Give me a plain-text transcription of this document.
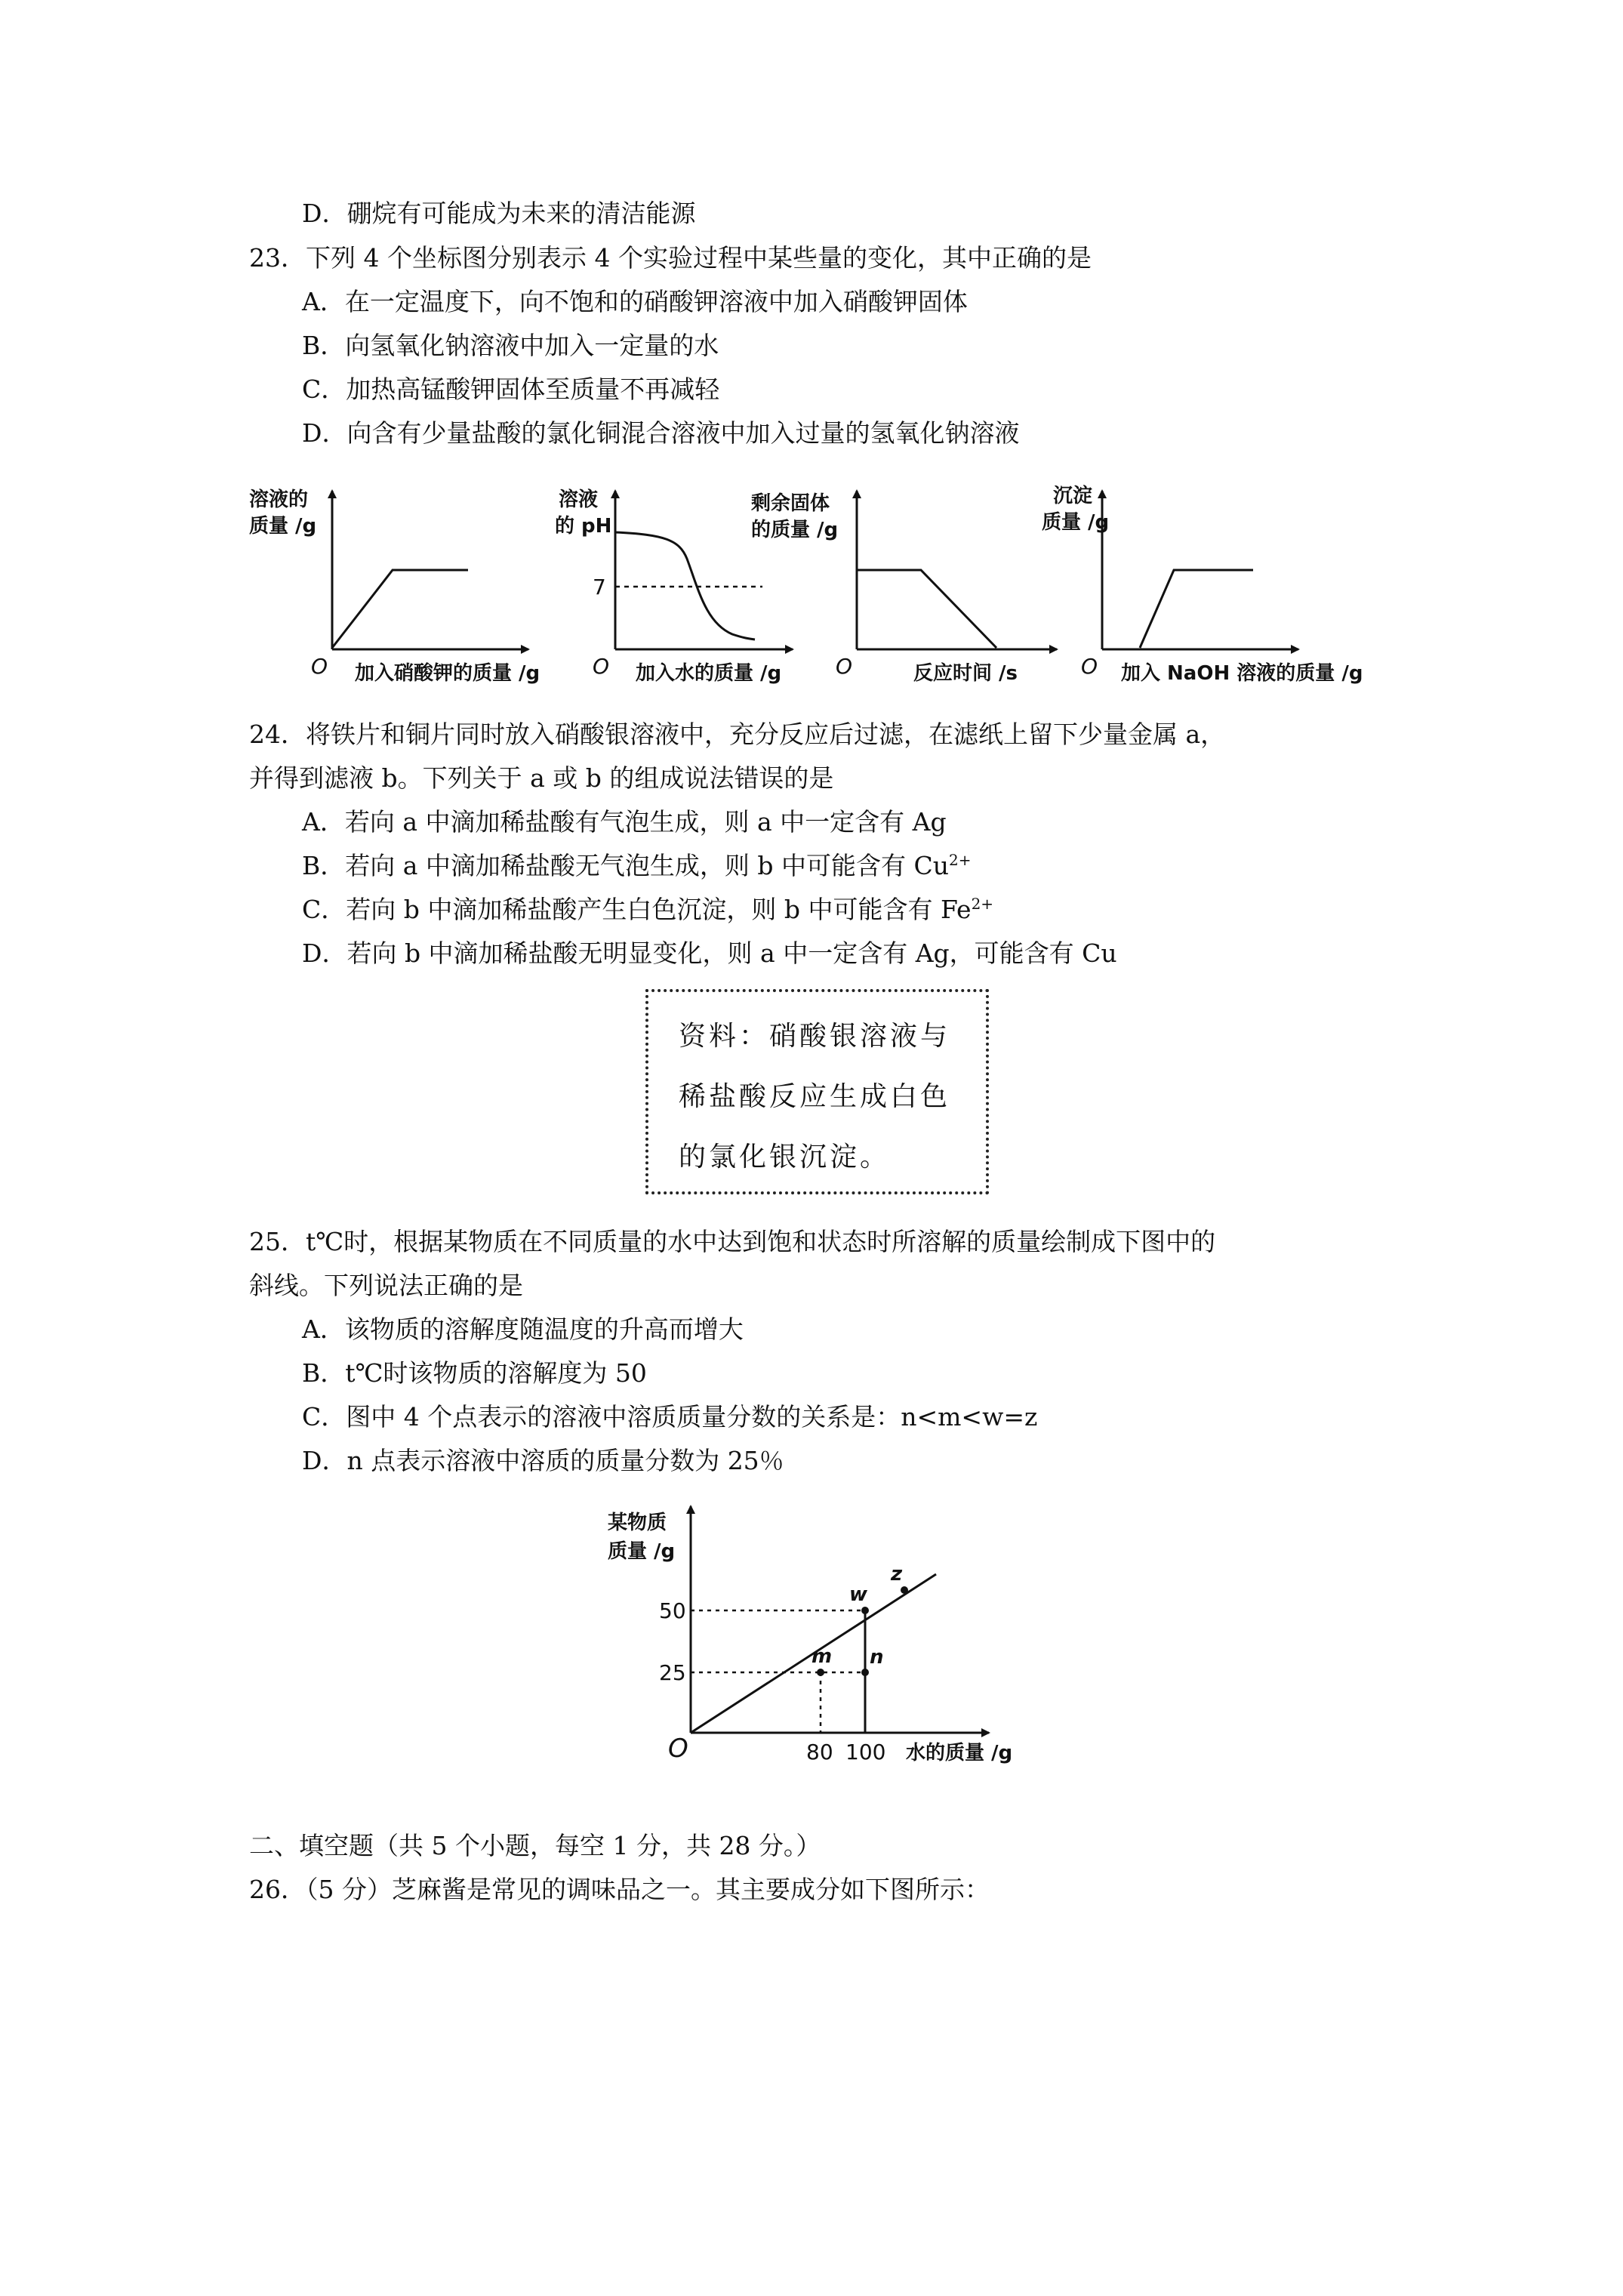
D．硼烷有可能成为未来的清洁能源
23．下列 4 个坐标图分别表示 4 个实验过程中某些量的变化，其中正确的是
A．在一定温度下，向不饱和的硝酸钾溶液中加入硝酸钾固体
B．向氢氧化钠溶液中加入一定量的水
C．加热高锰酸钾固体至质量不再减轻
D．向含有少量盐酸的氯化铜混合溶液中加入过量的氢氧化钠溶液
溶液的
质量 /g
O 加入硝酸钾的质量 /g
溶液
的 pH
7
O 加入水的质量 /g
剩余固体
的质量 /g
O	反应时间 /s
沉淀
质量 /g
O 加入 NaOH 溶液的质量 /g
24．将铁片和铜片同时放入硝酸银溶液中，充分反应后过滤，在滤纸上留下少量金属 a，
并得到滤液 b。下列关于 a 或 b 的组成说法错误的是
A．若向 a 中滴加稀盐酸有气泡生成，则 a 中一定含有 Ag
B．若向 a 中滴加稀盐酸无气泡生成，则 b 中可能含有 $Cu^{2+}$
C．若向 b 中滴加稀盐酸产生白色沉淀，则 b 中可能含有 $Fe^{2+}$
D．若向 b 中滴加稀盐酸无明显变化，则 a 中一定含有 Ag，可能含有 Cu
资料：硝酸银溶液与
稀盐酸反应生成白色
的氯化银沉淀。
25．t℃时，根据某物质在不同质量的水中达到饱和状态时所溶解的质量绘制成下图中的
斜线。下列说法正确的是
A．该物质的溶解度随温度的升高而增大
B．t℃时该物质的溶解度为 50
C．图中 4 个点表示的溶液中溶质质量分数的关系是：n<m<w=z
D．n 点表示溶液中溶质的质量分数为 25％
某物质
质量 /g
50
25
O	80 100 水的质量 /g
w
z
m n
二、填空题（共 5 个小题，每空 1 分，共 28 分。）
26．（5 分）芝麻酱是常见的调味品之一。其主要成分如下图所示：
